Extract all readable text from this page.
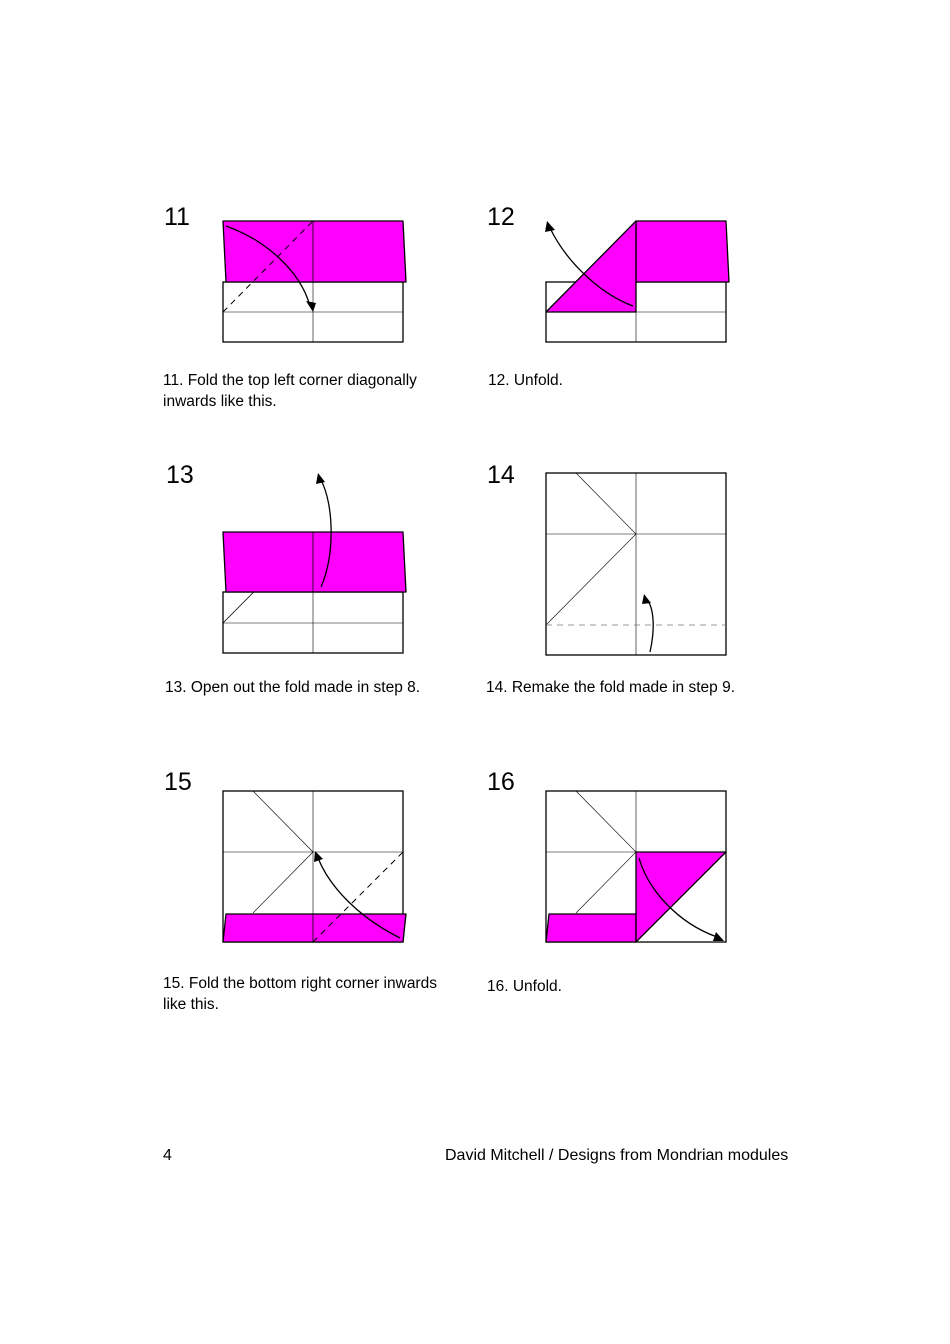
11
11. Fold the top left corner diagonally inwards like this.
12
12. Unfold.
13
13. Open out the fold made in step 8.
14
14. Remake the fold made in step 9.
15
15. Fold the bottom right corner inwards like this.
16
16. Unfold.
4	David Mitchell / Designs from Mondrian modules
